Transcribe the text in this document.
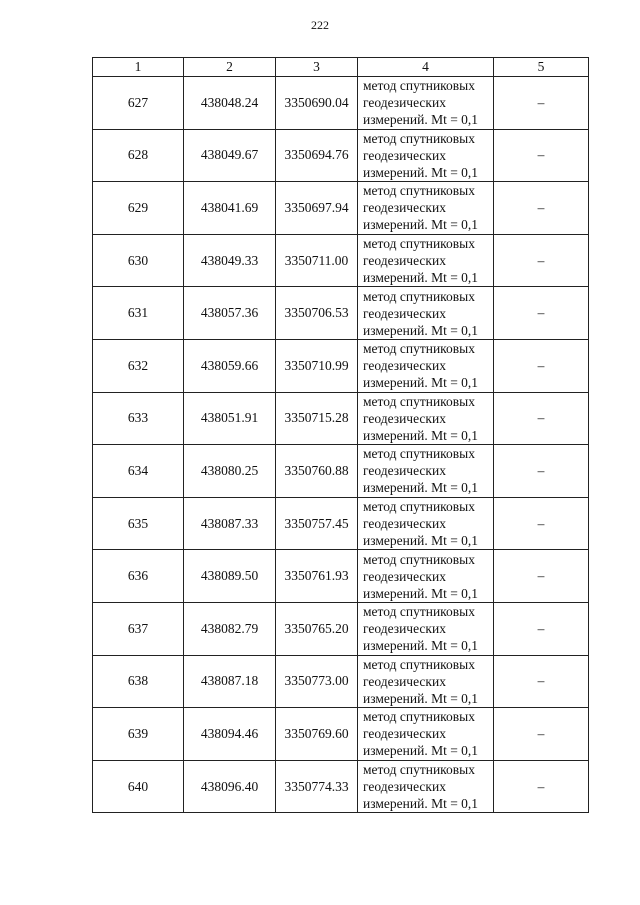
222
1	2	3	4	5
627	438048.24	3350690.04	метод спутниковых геодезических измерений. Mt = 0,1	–
628	438049.67	3350694.76	метод спутниковых геодезических измерений. Mt = 0,1	–
629	438041.69	3350697.94	метод спутниковых геодезических измерений. Mt = 0,1	–
630	438049.33	3350711.00	метод спутниковых геодезических измерений. Mt = 0,1	–
631	438057.36	3350706.53	метод спутниковых геодезических измерений. Mt = 0,1	–
632	438059.66	3350710.99	метод спутниковых геодезических измерений. Mt = 0,1	–
633	438051.91	3350715.28	метод спутниковых геодезических измерений. Mt = 0,1	–
634	438080.25	3350760.88	метод спутниковых геодезических измерений. Mt = 0,1	–
635	438087.33	3350757.45	метод спутниковых геодезических измерений. Mt = 0,1	–
636	438089.50	3350761.93	метод спутниковых геодезических измерений. Mt = 0,1	–
637	438082.79	3350765.20	метод спутниковых геодезических измерений. Mt = 0,1	–
638	438087.18	3350773.00	метод спутниковых геодезических измерений. Mt = 0,1	–
639	438094.46	3350769.60	метод спутниковых геодезических измерений. Mt = 0,1	–
640	438096.40	3350774.33	метод спутниковых геодезических измерений. Mt = 0,1	–
